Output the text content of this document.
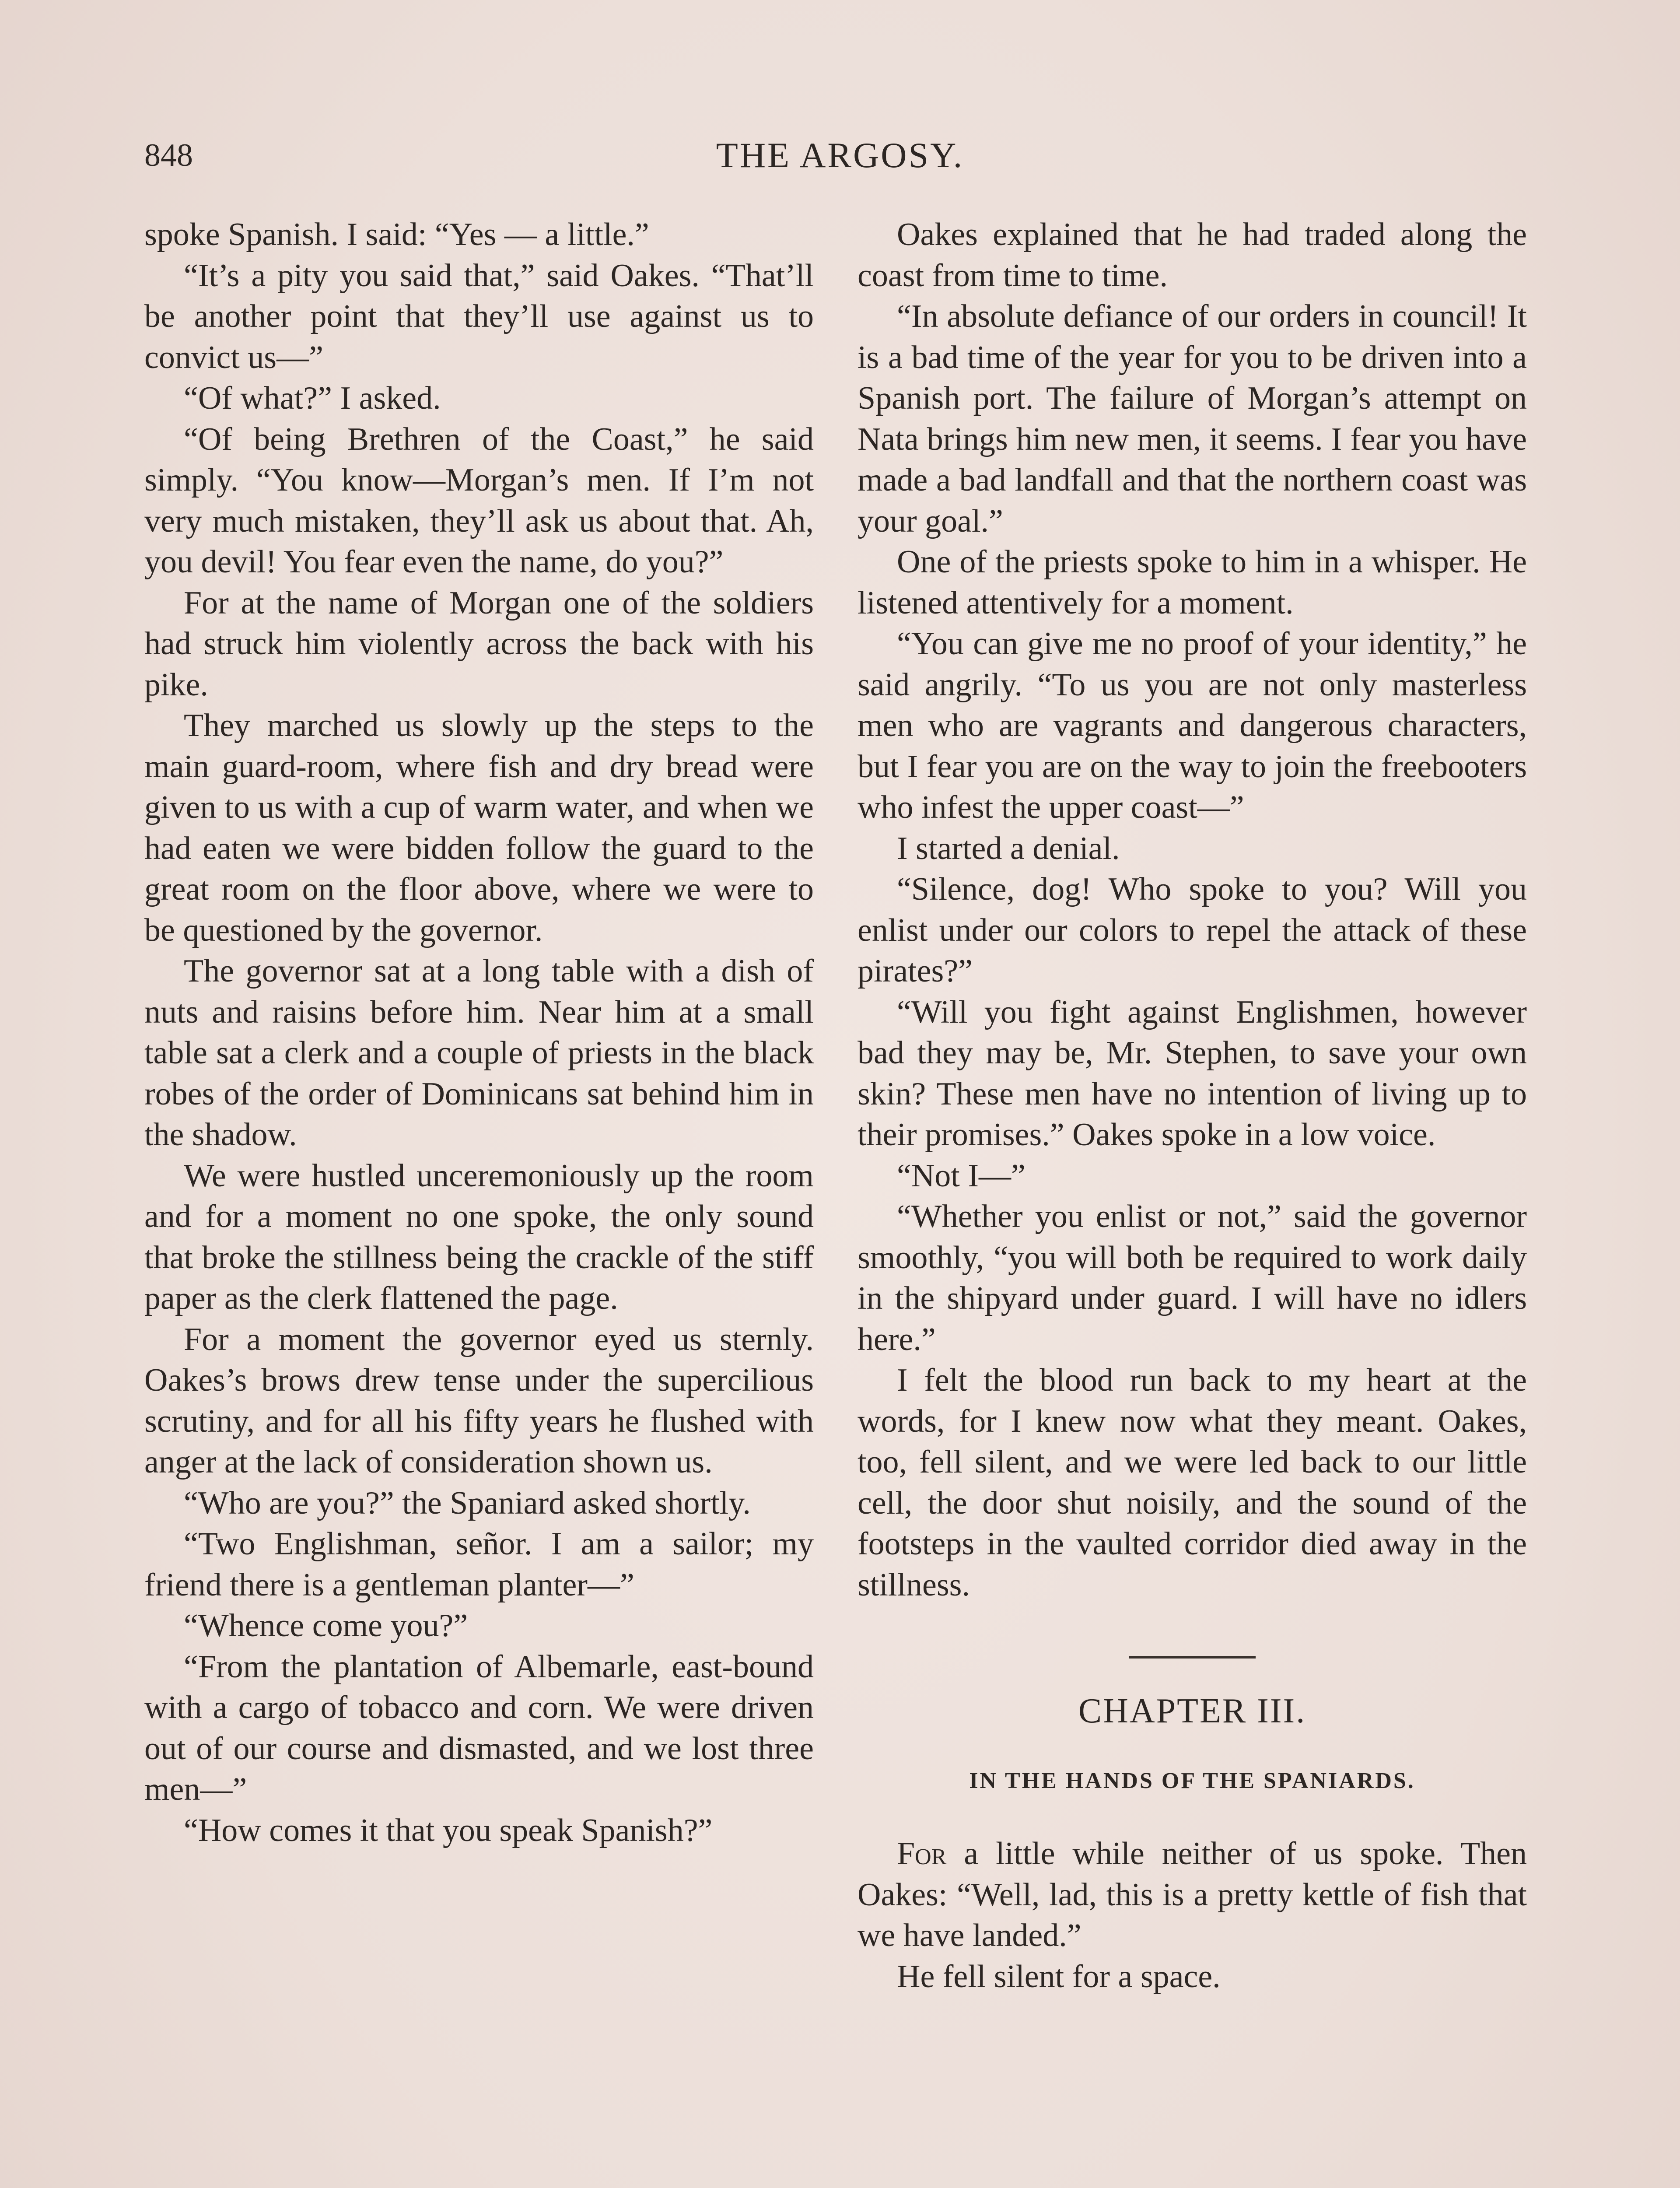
848	THE ARGOSY.

spoke Spanish. I said: “Yes — a little.”

“It’s a pity you said that,” said Oakes. “That’ll be another point that they’ll use against us to convict us—”

“Of what?” I asked.

“Of being Brethren of the Coast,” he said simply. “You know—Morgan’s men. If I’m not very much mistaken, they’ll ask us about that. Ah, you devil! You fear even the name, do you?”

For at the name of Morgan one of the soldiers had struck him violently across the back with his pike.

They marched us slowly up the steps to the main guard-room, where fish and dry bread were given to us with a cup of warm water, and when we had eaten we were bidden follow the guard to the great room on the floor above, where we were to be questioned by the governor.

The governor sat at a long table with a dish of nuts and raisins before him. Near him at a small table sat a clerk and a couple of priests in the black robes of the order of Dominicans sat behind him in the shadow.

We were hustled unceremoniously up the room and for a moment no one spoke, the only sound that broke the stillness being the crackle of the stiff paper as the clerk flattened the page.

For a moment the governor eyed us sternly. Oakes’s brows drew tense under the supercilious scrutiny, and for all his fifty years he flushed with anger at the lack of consideration shown us.

“Who are you?” the Spaniard asked shortly.

“Two Englishman, señor. I am a sailor; my friend there is a gentleman planter—”

“Whence come you?”

“From the plantation of Albemarle, east-bound with a cargo of tobacco and corn. We were driven out of our course and dismasted, and we lost three men—”

“How comes it that you speak Spanish?”

Oakes explained that he had traded along the coast from time to time.

“In absolute defiance of our orders in council! It is a bad time of the year for you to be driven into a Spanish port. The failure of Morgan’s attempt on Nata brings him new men, it seems. I fear you have made a bad landfall and that the northern coast was your goal.”

One of the priests spoke to him in a whisper. He listened attentively for a moment.

“You can give me no proof of your identity,” he said angrily. “To us you are not only masterless men who are vagrants and dangerous characters, but I fear you are on the way to join the freebooters who infest the upper coast—”

I started a denial.

“Silence, dog! Who spoke to you? Will you enlist under our colors to repel the attack of these pirates?”

“Will you fight against Englishmen, however bad they may be, Mr. Stephen, to save your own skin? These men have no intention of living up to their promises.” Oakes spoke in a low voice.

“Not I—”

“Whether you enlist or not,” said the governor smoothly, “you will both be required to work daily in the shipyard under guard. I will have no idlers here.”

I felt the blood run back to my heart at the words, for I knew now what they meant. Oakes, too, fell silent, and we were led back to our little cell, the door shut noisily, and the sound of the footsteps in the vaulted corridor died away in the stillness.

CHAPTER III.
IN THE HANDS OF THE SPANIARDS.

For a little while neither of us spoke. Then Oakes: “Well, lad, this is a pretty kettle of fish that we have landed.”

He fell silent for a space.
